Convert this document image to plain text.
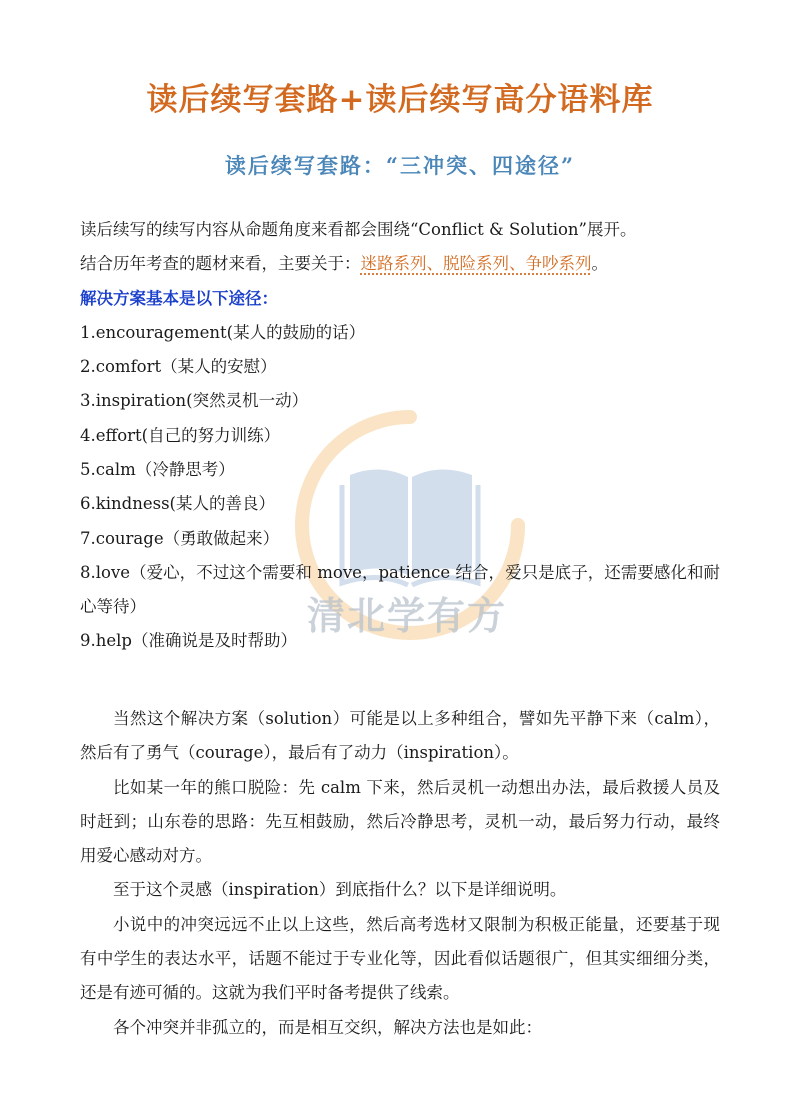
读后续写套路+读后续写高分语料库
读后续写套路：“三冲突、四途径”
清北学有方

读后续写的续写内容从命题角度来看都会围绕“Conflict & Solution”展开。

结合历年考查的题材来看，主要关于：迷路系列、脱险系列、争吵系列。

解决方案基本是以下途径：

1.encouragement(某人的鼓励的话）

2.comfort（某人的安慰）

3.inspiration(突然灵机一动）

4.effort(自己的努力训练）

5.calm（冷静思考）

6.kindness(某人的善良）

7.courage（勇敢做起来）

8.love（爱心，不过这个需要和 move，patience 结合，爱只是底子，还需要感化和耐心等待）

9.help（准确说是及时帮助）

当然这个解决方案（solution）可能是以上多种组合，譬如先平静下来（calm），然后有了勇气（courage），最后有了动力（inspiration）。

比如某一年的熊口脱险：先 calm 下来，然后灵机一动想出办法，最后救援人员及时赶到；山东卷的思路：先互相鼓励，然后冷静思考，灵机一动，最后努力行动，最终用爱心感动对方。

至于这个灵感（inspiration）到底指什么？以下是详细说明。

小说中的冲突远远不止以上这些，然后高考选材又限制为积极正能量，还要基于现有中学生的表达水平，话题不能过于专业化等，因此看似话题很广，但其实细细分类，还是有迹可循的。这就为我们平时备考提供了线索。

各个冲突并非孤立的，而是相互交织，解决方法也是如此：
